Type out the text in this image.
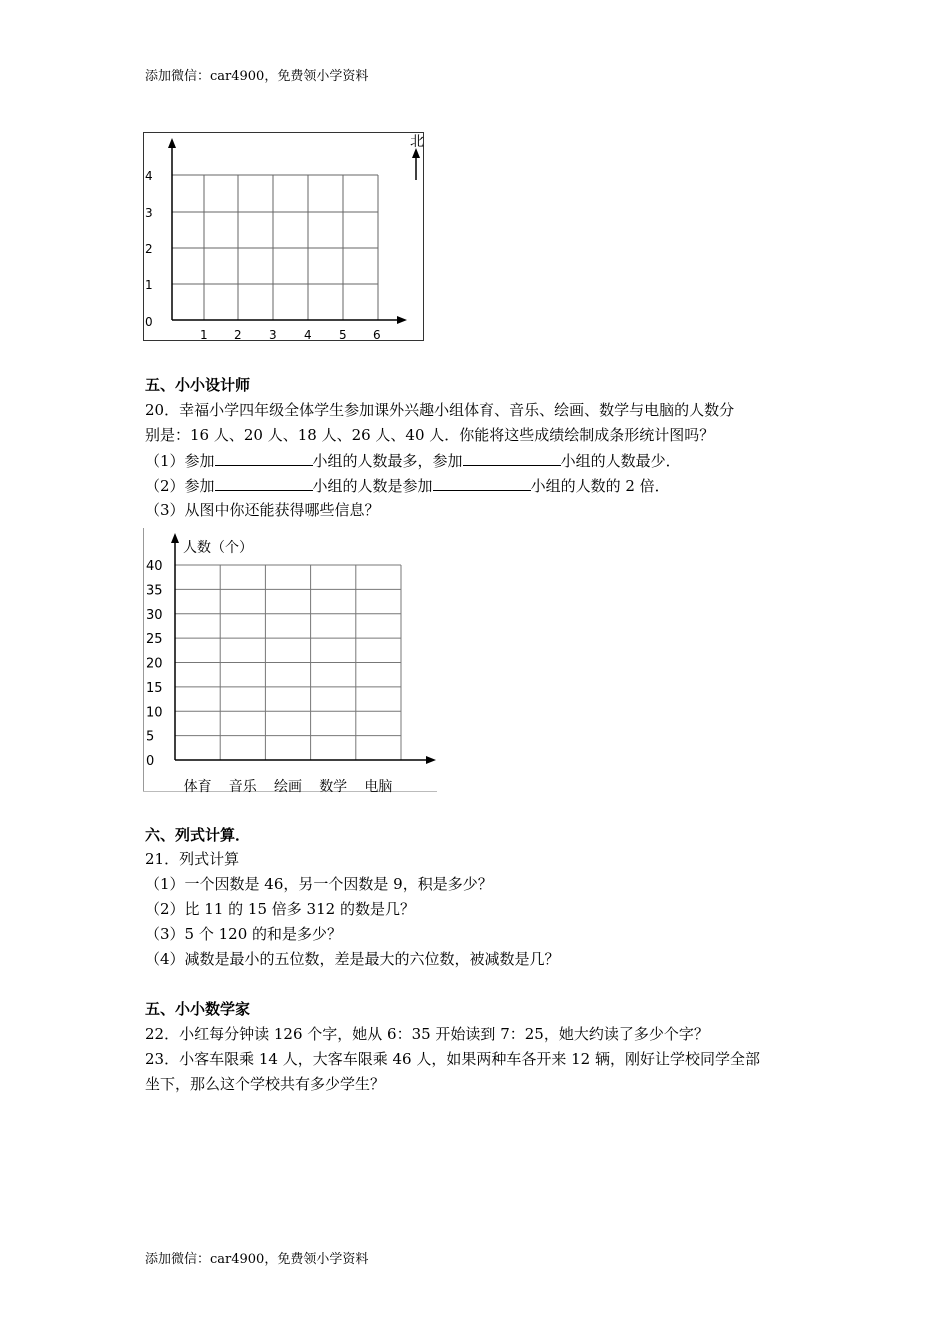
添加微信：car4900，免费领小学资料
北
0
1
2
3
4
1 2 3 4 5 6
五、小小设计师
20．幸福小学四年级全体学生参加课外兴趣小组体育、音乐、绘画、数学与电脑的人数分
别是：16 人、20 人、18 人、26 人、40 人．你能将这些成绩绘制成条形统计图吗？
（1）参加	小组的人数最多，参加	小组的人数最少．
（2）参加	小组的人数是参加	小组的人数的 2 倍．
（3）从图中你还能获得哪些信息？
人数（个）
0
5
10
15
20
25
30
35
40
体育 音乐 绘画 数学 电脑
六、列式计算．
21．列式计算
（1）一个因数是 46，另一个因数是 9，积是多少？
（2）比 11 的 15 倍多 312 的数是几？
（3）5 个 120 的和是多少？
（4）减数是最小的五位数，差是最大的六位数，被减数是几？
五、小小数学家
22．小红每分钟读 126 个字，她从 6：35 开始读到 7：25，她大约读了多少个字？
23．小客车限乘 14 人，大客车限乘 46 人，如果两种车各开来 12 辆，刚好让学校同学全部
坐下，那么这个学校共有多少学生？
添加微信：car4900，免费领小学资料
